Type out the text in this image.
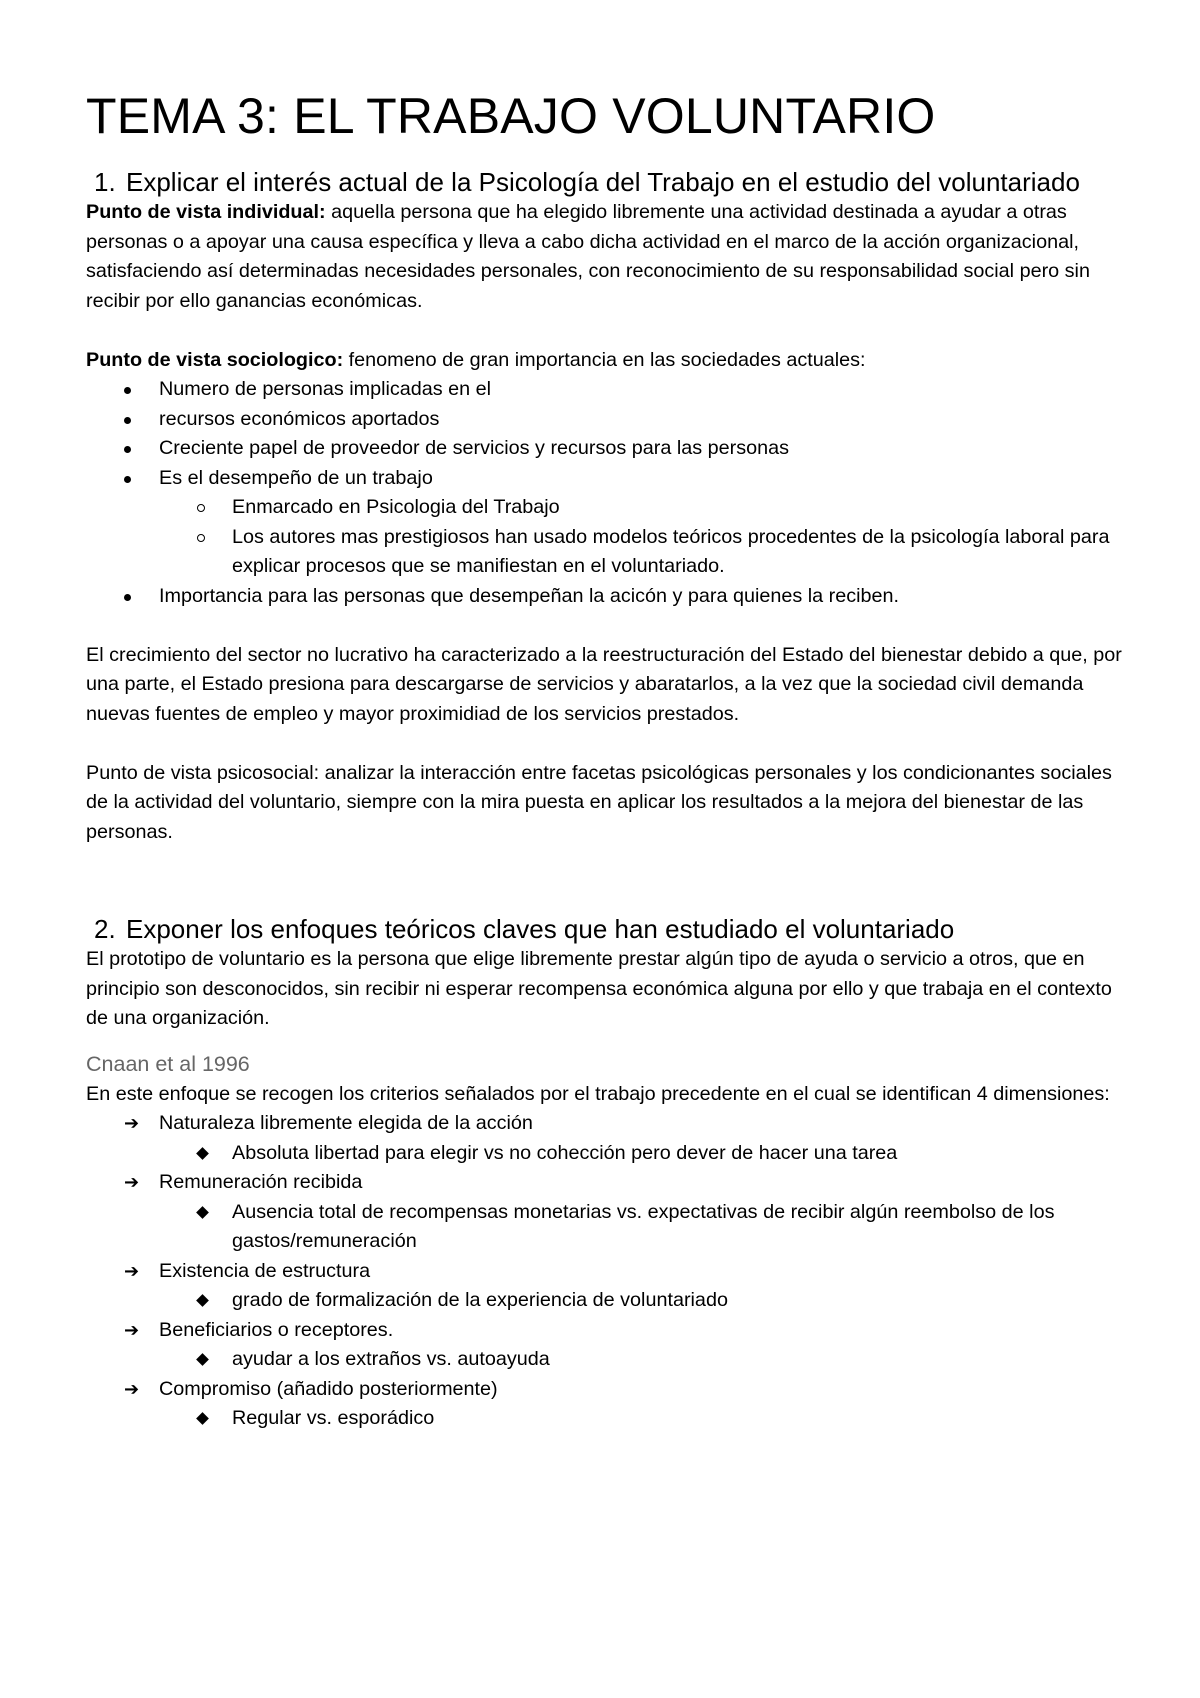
TEMA 3: EL TRABAJO VOLUNTARIO
1. Explicar el interés actual de la Psicología del Trabajo en el estudio del voluntariado

Punto de vista individual: aquella persona que ha elegido libremente una actividad destinada a ayudar a otras personas o a apoyar una causa específica y lleva a cabo dicha actividad en el marco de la acción organizacional, satisfaciendo así determinadas necesidades personales, con reconocimiento de su responsabilidad social pero sin recibir por ello ganancias económicas.

Punto de vista sociologico: fenomeno de gran importancia en las sociedades actuales:

Numero de personas implicadas en el
recursos económicos aportados
Creciente papel de proveedor de servicios y recursos para las personas
Es el desempeño de un trabajo
Enmarcado en Psicologia del Trabajo
Los autores mas prestigiosos han usado modelos teóricos procedentes de la psicología laboral para explicar procesos que se manifiestan en el voluntariado.
Importancia para las personas que desempeñan la acicón y para quienes la reciben.

El crecimiento del sector no lucrativo ha caracterizado a la reestructuración del Estado del bienestar debido a que, por una parte, el Estado presiona para descargarse de servicios y abaratarlos, a la vez que la sociedad civil demanda nuevas fuentes de empleo y mayor proximidiad de los servicios prestados.

Punto de vista psicosocial: analizar la interacción entre facetas psicológicas personales y los condicionantes sociales de la actividad del voluntario, siempre con la mira puesta en aplicar los resultados a la mejora del bienestar de las personas.

2. Exponer los enfoques teóricos claves que han estudiado el voluntariado

El prototipo de voluntario es la persona que elige libremente prestar algún tipo de ayuda o servicio a otros, que en principio son desconocidos, sin recibir ni esperar recompensa económica alguna por ello y que trabaja en el contexto de una organización.

Cnaan et al 1996

En este enfoque se recogen los criterios señalados por el trabajo precedente en el cual se identifican 4 dimensiones:

➔ Naturaleza libremente elegida de la acción
Absoluta libertad para elegir vs no cohección pero dever de hacer una tarea
➔ Remuneración recibida
Ausencia total de recompensas monetarias vs. expectativas de recibir algún reembolso de los gastos/remuneración
➔ Existencia de estructura
grado de formalización de la experiencia de voluntariado
➔ Beneficiarios o receptores.
ayudar a los extraños vs. autoayuda
➔ Compromiso (añadido posteriormente)
Regular vs. esporádico
